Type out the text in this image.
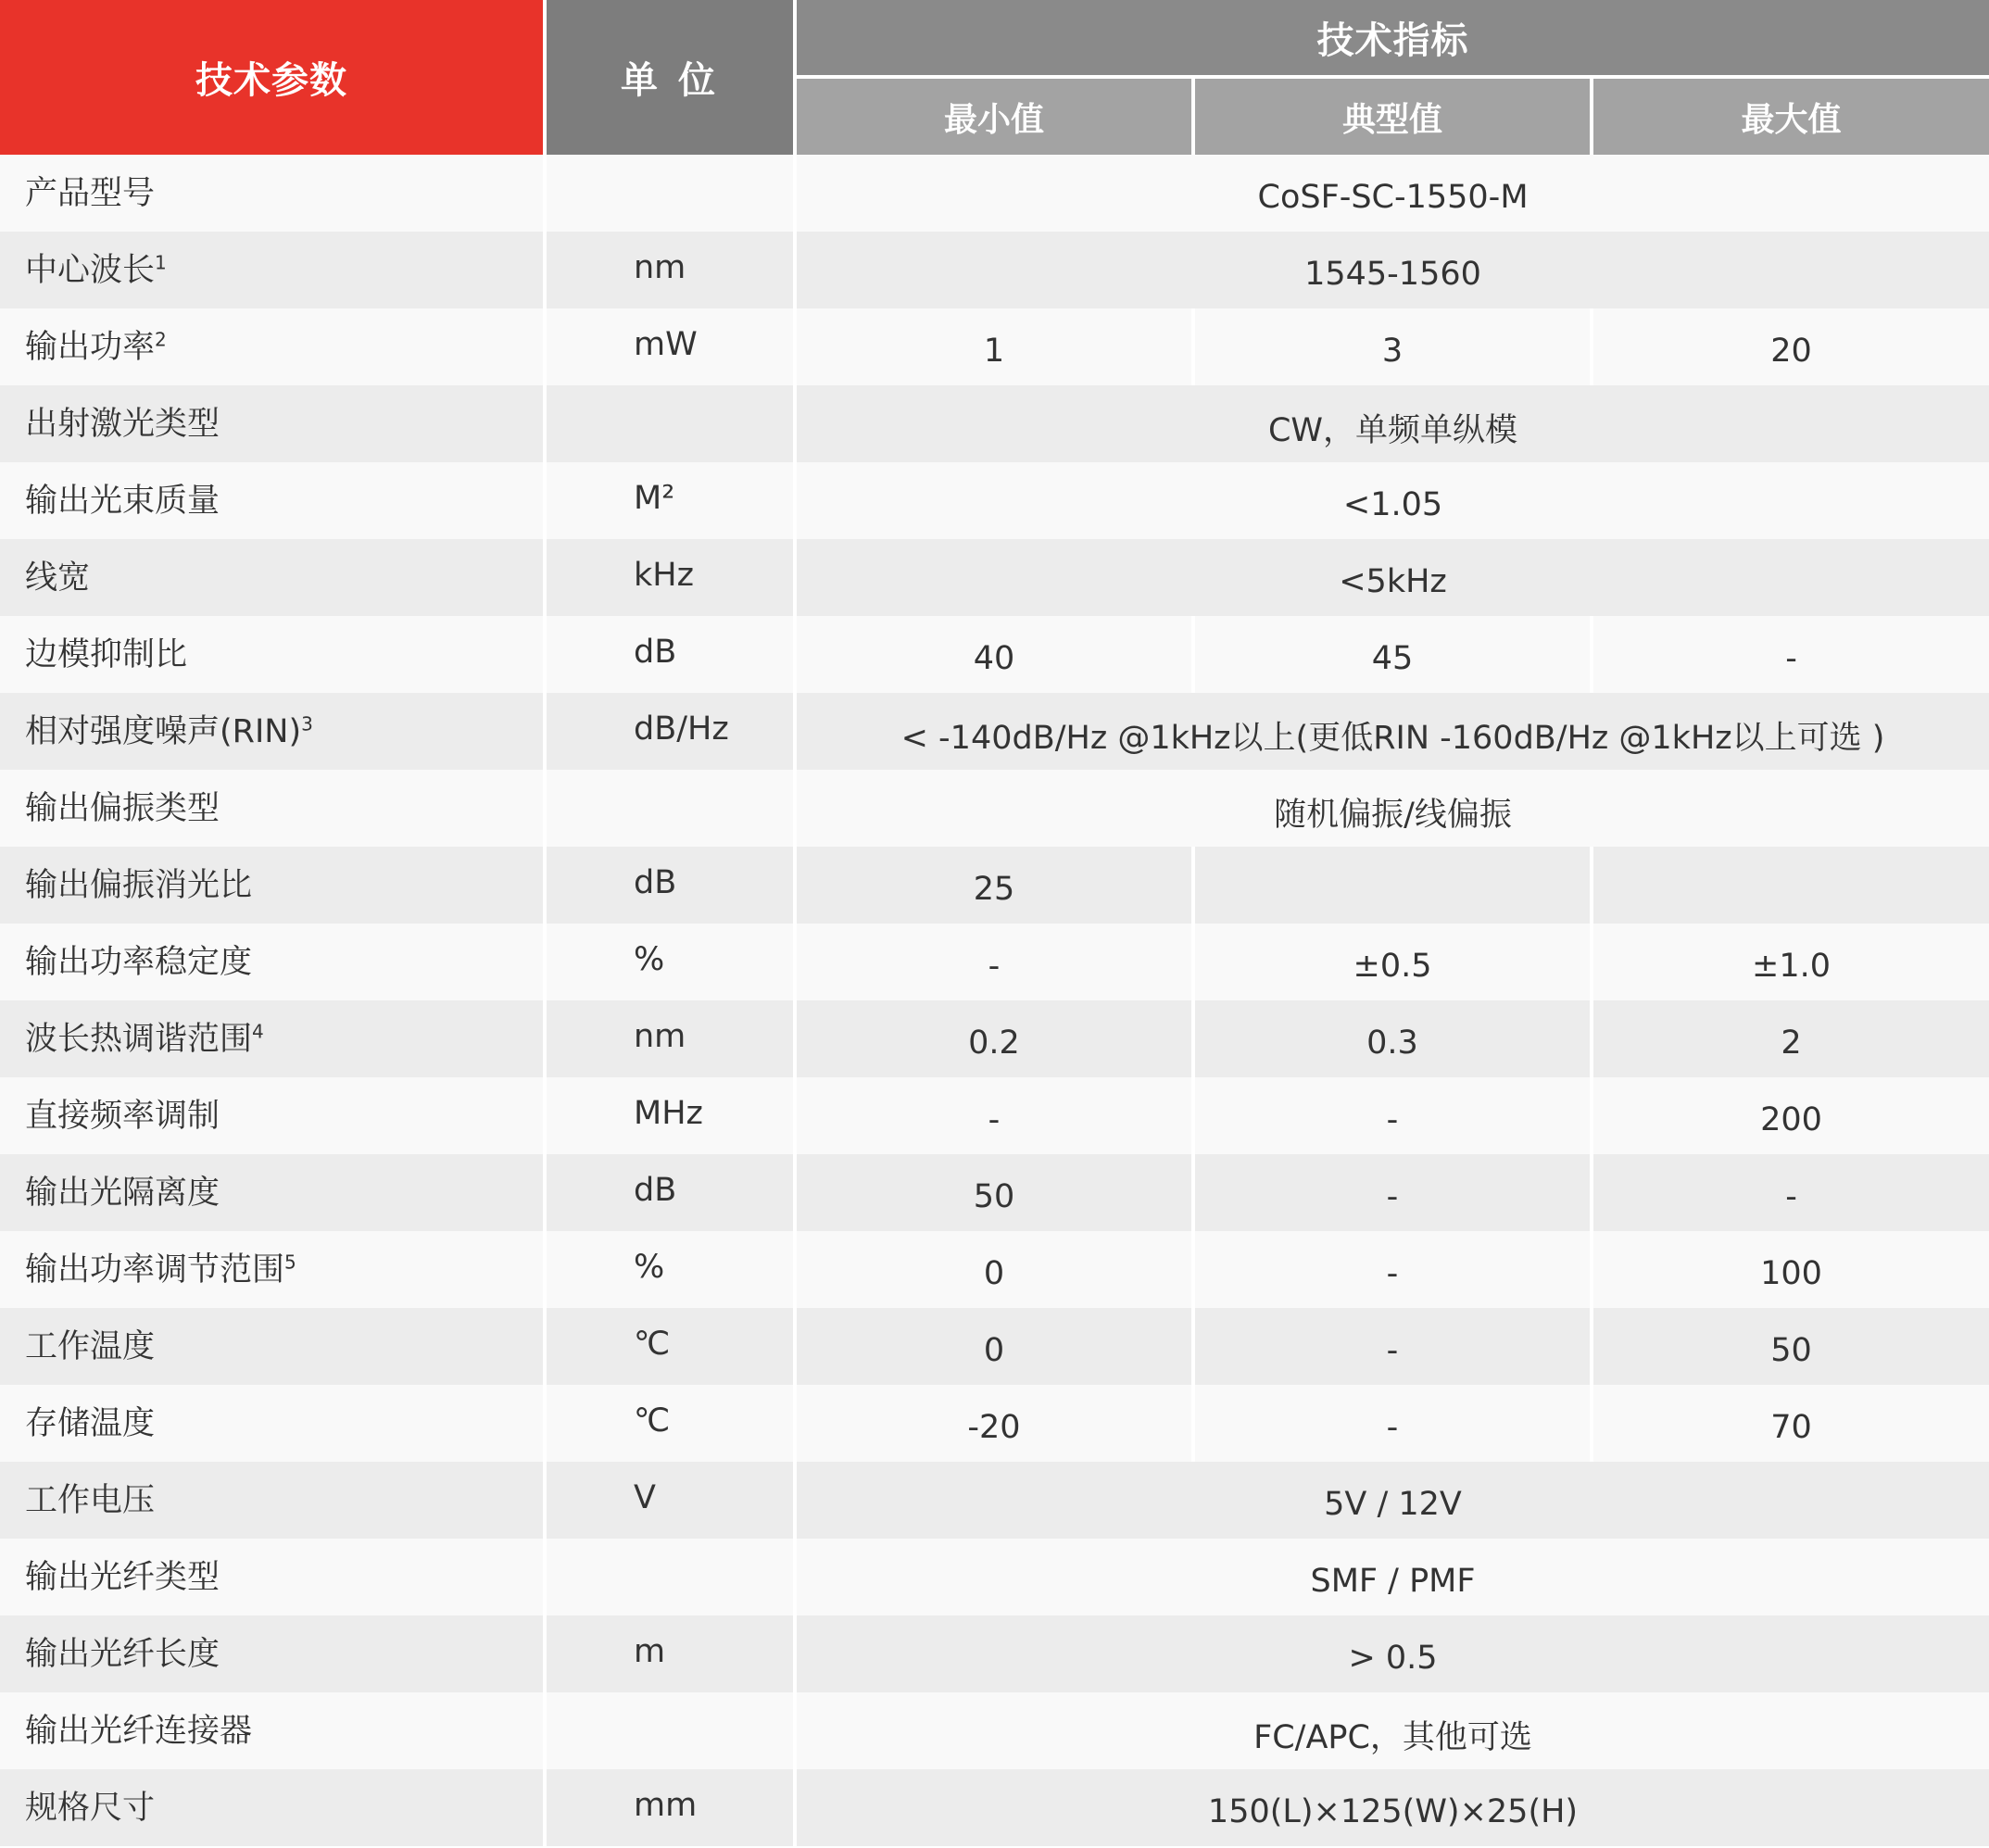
技术参数	单 位	技术指标		
		最小值	典型值	最大值
产品型号		CoSF-SC-1550-M		
中心波长$^1$	nm	1545-1560		
输出功率$^2$	mW	1	3	20
出射激光类型		CW，单频单纵模		
输出光束质量	M²	<1.05		
线宽	kHz	<5kHz		
边模抑制比	dB	40	45	-
相对强度噪声(RIN)$^3$	dB/Hz	< -140dB/Hz @1kHz以上(更低RIN -160dB/Hz @1kHz以上可选 )		
输出偏振类型		随机偏振/线偏振		
输出偏振消光比	dB	25		
输出功率稳定度	%	-	±0.5	±1.0
波长热调谐范围$^4$	nm	0.2	0.3	2
直接频率调制	MHz	-	-	200
输出光隔离度	dB	50	-	-
输出功率调节范围$^5$	%	0	-	100
工作温度	℃	0	-	50
存储温度	℃	-20	-	70
工作电压	V	5V / 12V		
输出光纤类型		SMF / PMF		
输出光纤长度	m	> 0.5		
输出光纤连接器		FC/APC，其他可选		
规格尺寸	mm	150(L)×125(W)×25(H)		
